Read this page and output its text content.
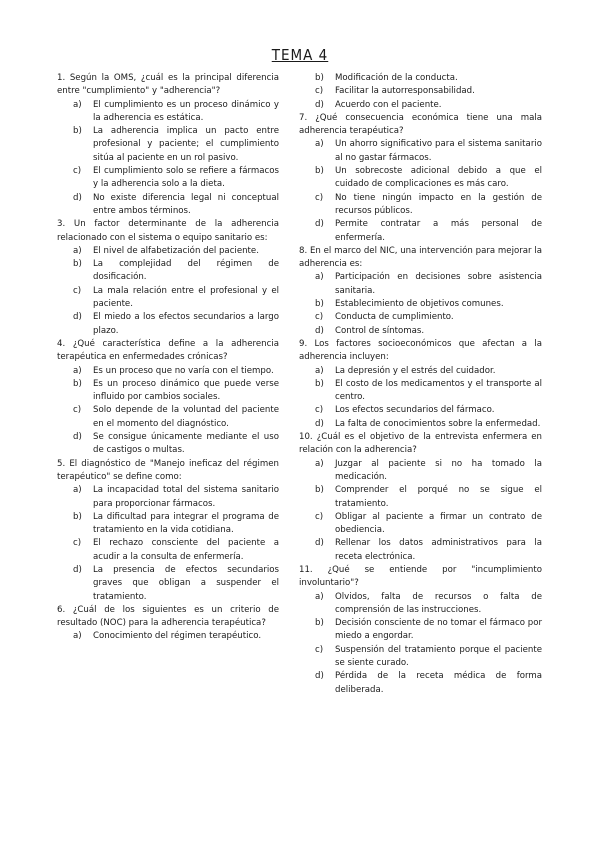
TEMA 4
1. Según la OMS, ¿cuál es la principal diferencia entre "cumplimiento" y "adherencia"?
a) El cumplimiento es un proceso dinámico y la adherencia es estática.
b) La adherencia implica un pacto entre profesional y paciente; el cumplimiento sitúa al paciente en un rol pasivo.
c) El cumplimiento solo se refiere a fármacos y la adherencia solo a la dieta.
d) No existe diferencia legal ni conceptual entre ambos términos.
3. Un factor determinante de la adherencia relacionado con el sistema o equipo sanitario es:
a) El nivel de alfabetización del paciente.
b) La complejidad del régimen de dosificación.
c) La mala relación entre el profesional y el paciente.
d) El miedo a los efectos secundarios a largo plazo.
4. ¿Qué característica define a la adherencia terapéutica en enfermedades crónicas?
a) Es un proceso que no varía con el tiempo.
b) Es un proceso dinámico que puede verse influido por cambios sociales.
c) Solo depende de la voluntad del paciente en el momento del diagnóstico.
d) Se consigue únicamente mediante el uso de castigos o multas.
5. El diagnóstico de "Manejo ineficaz del régimen terapéutico" se define como:
a) La incapacidad total del sistema sanitario para proporcionar fármacos.
b) La dificultad para integrar el programa de tratamiento en la vida cotidiana.
c) El rechazo consciente del paciente a acudir a la consulta de enfermería.
d) La presencia de efectos secundarios graves que obligan a suspender el tratamiento.
6. ¿Cuál de los siguientes es un criterio de resultado (NOC) para la adherencia terapéutica?
a) Conocimiento del régimen terapéutico.
b) Modificación de la conducta.
c) Facilitar la autorresponsabilidad.
d) Acuerdo con el paciente.
7. ¿Qué consecuencia económica tiene una mala adherencia terapéutica?
a) Un ahorro significativo para el sistema sanitario al no gastar fármacos.
b) Un sobrecoste adicional debido a que el cuidado de complicaciones es más caro.
c) No tiene ningún impacto en la gestión de recursos públicos.
d) Permite contratar a más personal de enfermería.
8. En el marco del NIC, una intervención para mejorar la adherencia es:
a) Participación en decisiones sobre asistencia sanitaria.
b) Establecimiento de objetivos comunes.
c) Conducta de cumplimiento.
d) Control de síntomas.
9. Los factores socioeconómicos que afectan a la adherencia incluyen:
a) La depresión y el estrés del cuidador.
b) El costo de los medicamentos y el transporte al centro.
c) Los efectos secundarios del fármaco.
d) La falta de conocimientos sobre la enfermedad.
10. ¿Cuál es el objetivo de la entrevista enfermera en relación con la adherencia?
a) Juzgar al paciente si no ha tomado la medicación.
b) Comprender el porqué no se sigue el tratamiento.
c) Obligar al paciente a firmar un contrato de obediencia.
d) Rellenar los datos administrativos para la receta electrónica.
11. ¿Qué se entiende por "incumplimiento involuntario"?
a) Olvidos, falta de recursos o falta de comprensión de las instrucciones.
b) Decisión consciente de no tomar el fármaco por miedo a engordar.
c) Suspensión del tratamiento porque el paciente se siente curado.
d) Pérdida de la receta médica de forma deliberada.
